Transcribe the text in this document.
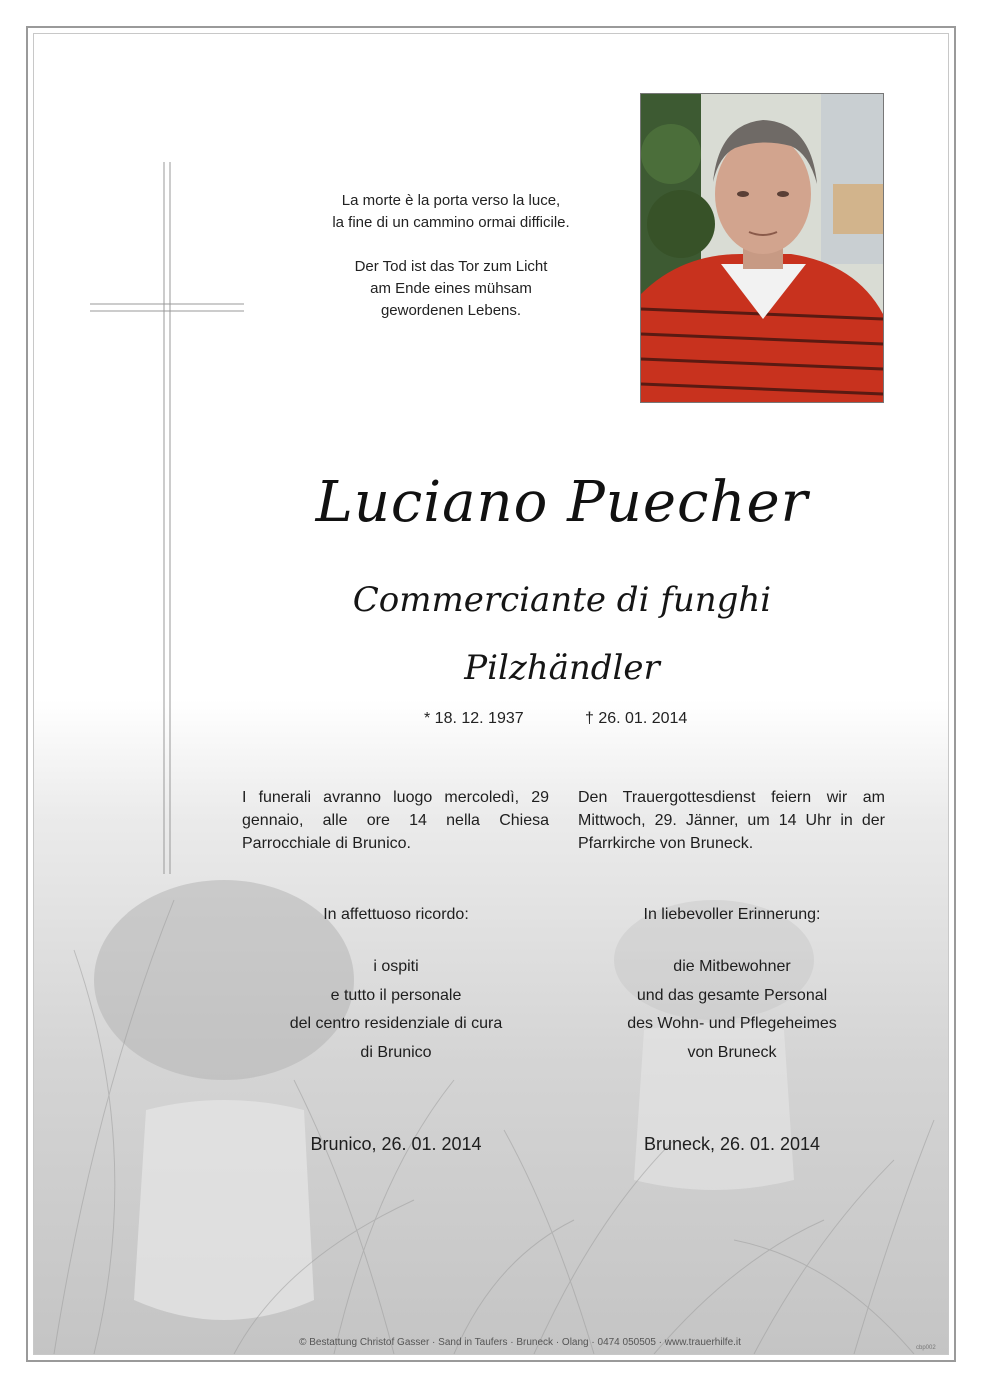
La morte è la porta verso la luce,

la fine di un cammino ormai difficile.

Der Tod ist das Tor zum Licht

am Ende eines mühsam

gewordenen Lebens.

Luciano Puecher
Commerciante di funghi
Pilzhändler
* 18. 12. 1937	† 26. 01. 2014
I funerali avranno luogo mercoledì, 29 gennaio, alle ore 14 nella Chiesa Parrocchiale di Brunico.
Den Trauergottesdienst feiern wir am Mittwoch, 29. Jänner, um 14 Uhr in der Pfarrkirche von Bruneck.
In affettuoso ricordo:	In liebevoller Erinnerung:
i ospiti
e tutto il personale
del centro residenziale di cura
di Brunico
die Mitbewohner
und das gesamte Personal
des Wohn- und Pflegeheimes
von Bruneck
Brunico, 26. 01. 2014	Bruneck, 26. 01. 2014
© Bestattung Christof Gasser · Sand in Taufers · Bruneck · Olang · 0474 050505 · www.trauerhilfe.it	cbp002
